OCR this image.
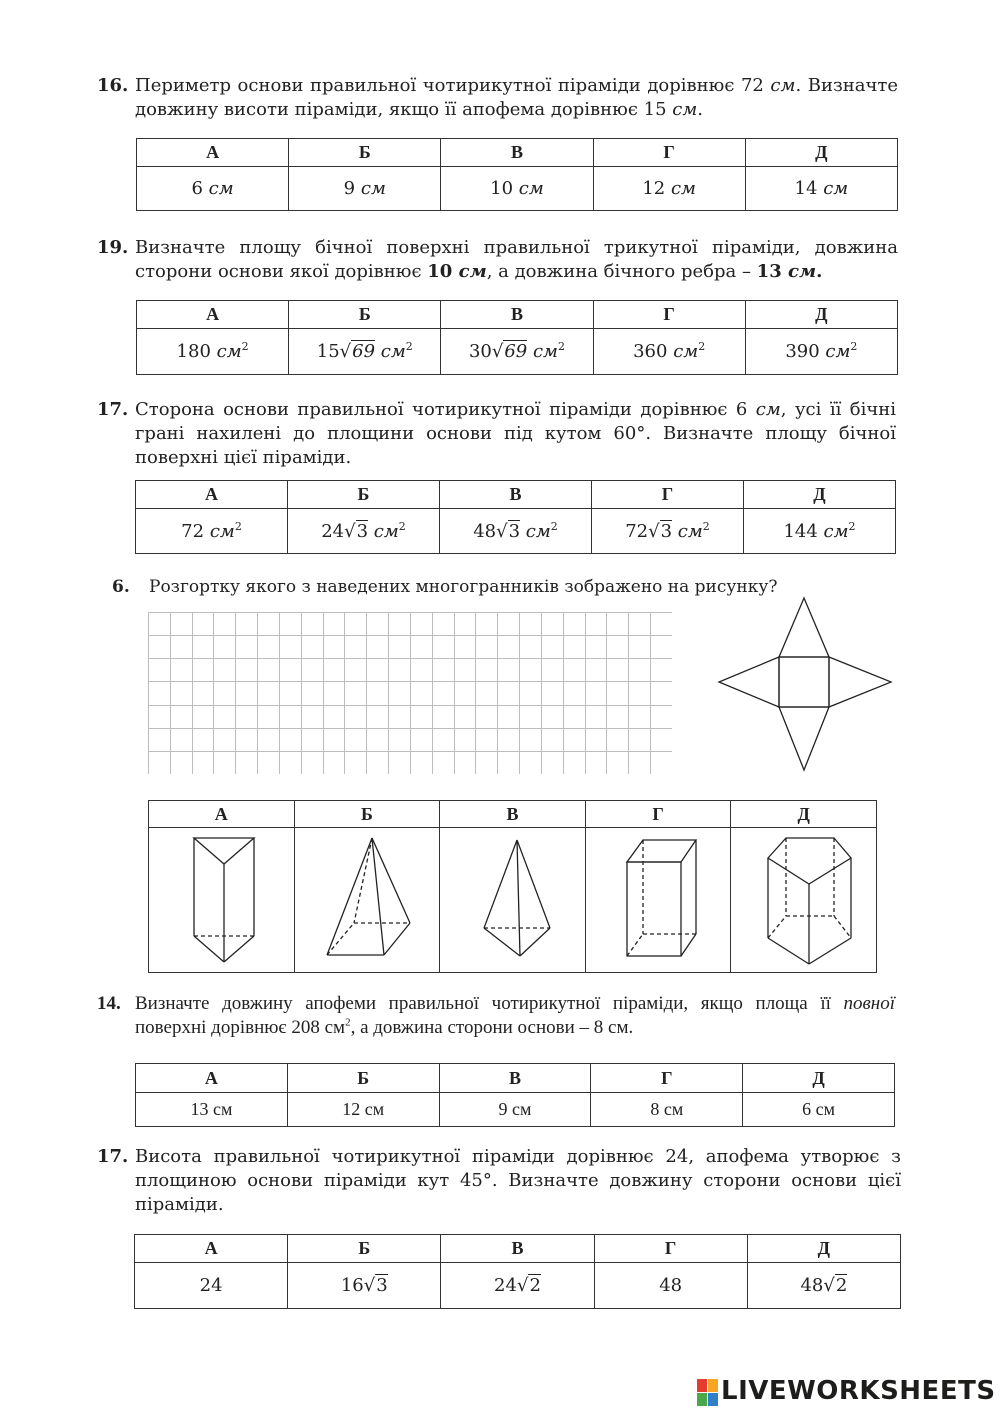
16. Периметр основи правильної чотирикутної піраміди дорівнює 72 см. Визначте довжину висоти піраміди, якщо її апофема дорівнює 15 см.
А	Б	В	Г	Д
6 см	9 см	10 см	12 см	14 см
19. Визначте площу бічної поверхні правильної трикутної піраміди, довжина сторони основи якої дорівнює 10 см, а довжина бічного ребра – 13 см.
А	Б	В	Г	Д
180 $см^2$	15√69 $см^2$	30√69 $см^2$	360 $см^2$	390 $см^2$
17. Сторона основи правильної чотирикутної піраміди дорівнює 6 см, усі її бічні грані нахилені до площини основи під кутом 60°. Визначте площу бічної поверхні цієї піраміди.
А	Б	В	Г	Д
72 $см^2$	24√3 $см^2$	48√3 $см^2$	72√3 $см^2$	144 $см^2$
6. Розгортку якого з наведених многогранників зображено на рисунку?
А	Б	В	Г	Д

14. Визначте довжину апофеми правильної чотирикутної піраміди, якщо площа її повної поверхні дорівнює 208 $см^2$, а довжина сторони основи – 8 см.
А	Б	В	Г	Д
13 см	12 см	9 см	8 см	6 см
17. Висота правильної чотирикутної піраміди дорівнює 24, апофема утворює з площиною основи піраміди кут 45°. Визначте довжину сторони основи цієї піраміди.
А	Б	В	Г	Д
24	16√3	24√2	48	48√2
LIVEWORKSHEETS
